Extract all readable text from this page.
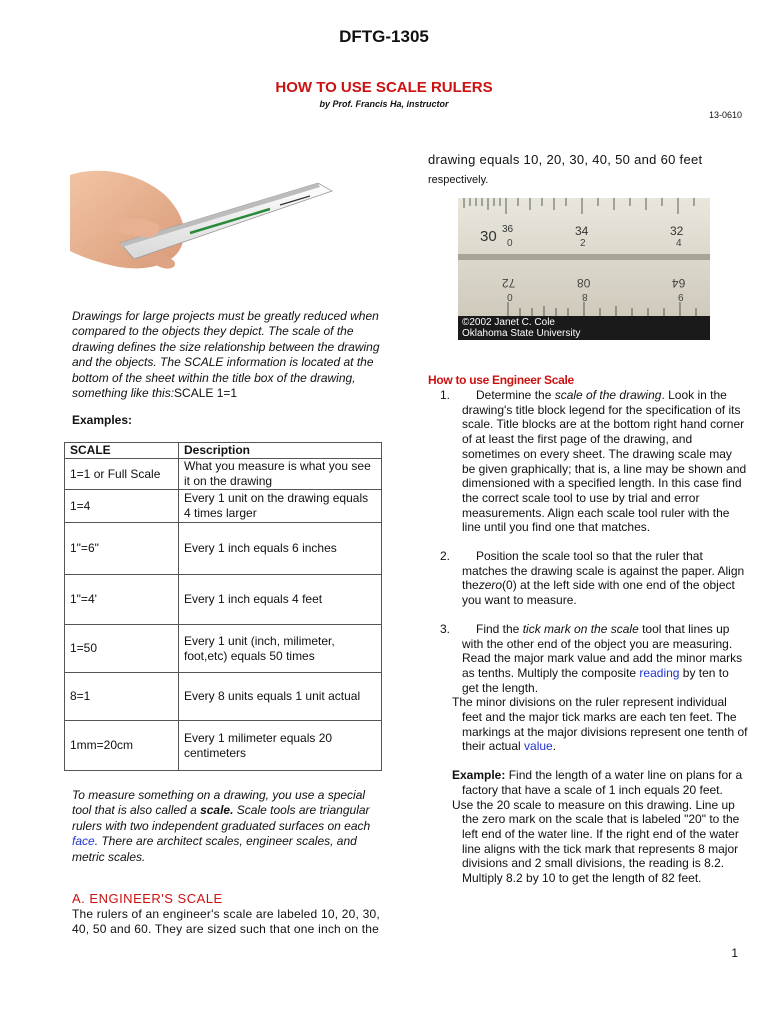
DFTG-1305
HOW TO USE SCALE RULERS
by Prof. Francis Ha, instructor
13-0610
Drawings for large projects must be greatly reduced when compared to the objects they depict. The scale of the drawing defines the size relationship between the drawing and the objects. The SCALE information is located at the bottom of the sheet within the title box of the drawing, something like this:SCALE 1=1
Examples:
SCALE	Description
1=1 or Full Scale	What you measure is what you see it on the drawing
1=4	Every 1 unit on the drawing equals 4 times larger
1"=6"	Every 1 inch equals 6 inches
1"=4'	Every 1 inch equals 4 feet
1=50	Every 1 unit (inch, milimeter, foot,etc) equals 50 times
8=1	Every 8 units equals 1 unit actual
1mm=20cm	Every 1 milimeter equals 20 centimeters
To measure something on a drawing, you use a special tool that is also called a scale. Scale tools are triangular rulers with two independent graduated surfaces on each face. There are architect scales, engineer scales, and metric scales.
A. ENGINEER'S SCALE
The rulers of an engineer's scale are labeled 10, 20, 30, 40, 50 and 60. They are sized such that one inch on the
drawing equals 10, 20, 30, 40, 50 and 60 feet respectively.
30 36	34	32
0	2	4
72	08	64
0	8	9
©2002 Janet C. Cole
Oklahoma State University
How to use Engineer Scale
1. Determine the scale of the drawing. Look in the drawing's title block legend for the specification of its scale. Title blocks are at the bottom right hand corner of at least the first page of the drawing, and sometimes on every sheet. The drawing scale may be given graphically; that is, a line may be shown and dimensioned with a specified length. In this case find the correct scale tool to use by trial and error measurements. Align each scale tool ruler with the line until you find one that matches.
2. Position the scale tool so that the ruler that matches the drawing scale is against the paper. Align thezero(0) at the left side with one end of the object you want to measure.
3. Find the tick mark on the scale tool that lines up with the other end of the object you are measuring. Read the major mark value and add the minor marks as tenths. Multiply the composite reading by ten to get the length.
The minor divisions on the ruler represent individual feet and the major tick marks are each ten feet. The markings at the major divisions represent one tenth of their actual value.
Example: Find the length of a water line on plans for a factory that have a scale of 1 inch equals 20 feet.
Use the 20 scale to measure on this drawing. Line up the zero mark on the scale that is labeled "20" to the left end of the water line. If the right end of the water line aligns with the tick mark that represents 8 major divisions and 2 small divisions, the reading is 8.2. Multiply 8.2 by 10 to get the length of 82 feet.
1
